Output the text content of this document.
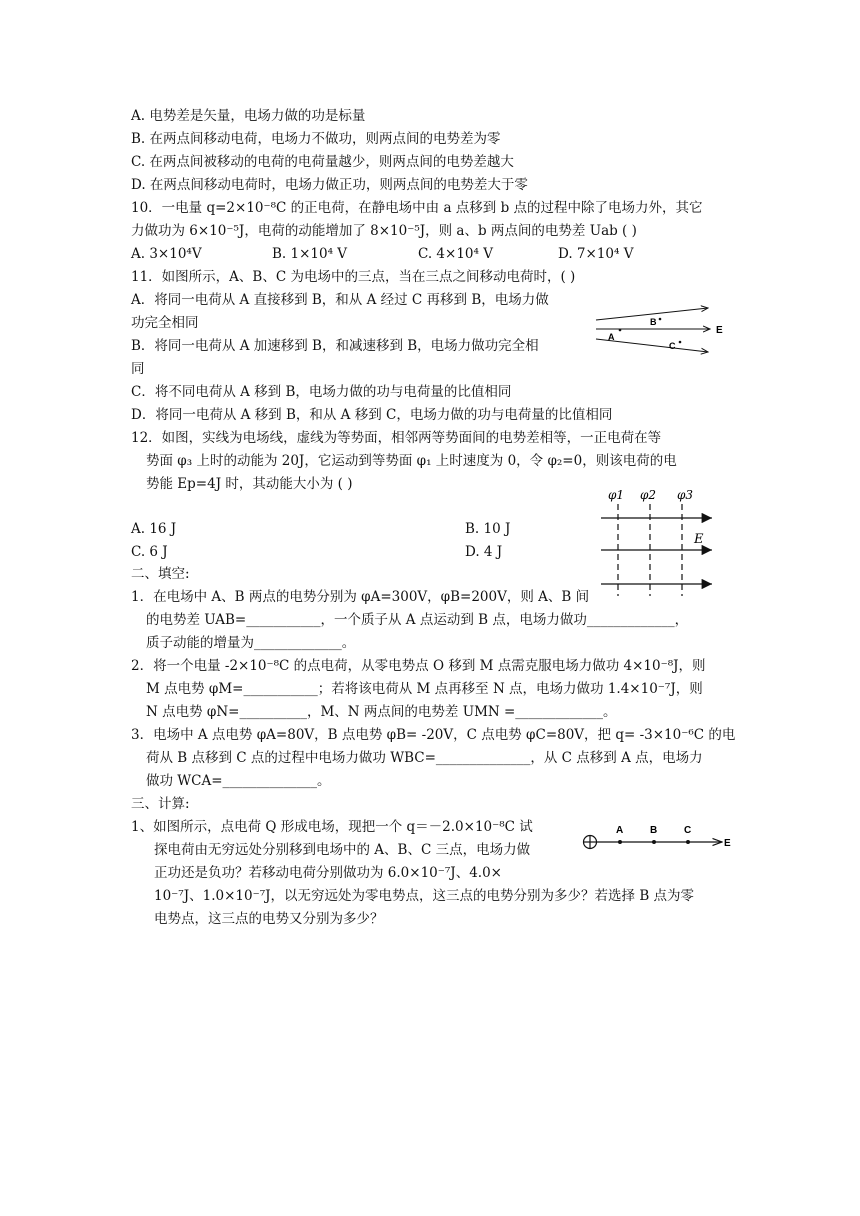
A. 电势差是矢量，电场力做的功是标量
B. 在两点间移动电荷，电场力不做功，则两点间的电势差为零
C. 在两点间被移动的电荷的电荷量越少，则两点间的电势差越大
D. 在两点间移动电荷时，电场力做正功，则两点间的电势差大于零
10．一电量 q=2×10⁻⁸C 的正电荷，在静电场中由 a 点移到 b 点的过程中除了电场力外，其它
力做功为 6×10⁻⁵J，电荷的动能增加了 8×10⁻⁵J，则 a、b 两点间的电势差 Uab ( )
A. 3×10⁴V	B. 1×10⁴ V	C. 4×10⁴ V	D. 7×10⁴ V
11．如图所示，A、B、C 为电场中的三点，当在三点之间移动电荷时，( )
A．将同一电荷从 A 直接移到 B，和从 A 经过 C 再移到 B，电场力做
功完全相同
B．将同一电荷从 A 加速移到 B，和减速移到 B，电场力做功完全相
同
C．将不同电荷从 A 移到 B，电场力做的功与电荷量的比值相同
D．将同一电荷从 A 移到 B，和从 A 移到 C，电场力做的功与电荷量的比值相同
A
B
C
E
12．如图，实线为电场线，虚线为等势面，相邻两等势面间的电势差相等，一正电荷在等
势面 φ₃ 上时的动能为 20J，它运动到等势面 φ₁ 上时速度为 0，令 φ₂=0，则该电荷的电
势能 Ep=4J 时，其动能大小为 ( )
A. 16 J	B. 10 J
C. 6 J	D. 4 J
φ1 φ2 φ3
E
二、填空:
1．在电场中 A、B 两点的电势分别为 φA=300V，φB=200V，则 A、B 间
的电势差 UAB=___________，一个质子从 A 点运动到 B 点，电场力做功_____________，
质子动能的增量为_____________。
2．将一个电量 -2×10⁻⁸C 的点电荷，从零电势点 O 移到 M 点需克服电场力做功 4×10⁻⁸J，则
M 点电势 φM=___________；若将该电荷从 M 点再移至 N 点，电场力做功 1.4×10⁻⁷J，则
N 点电势 φN=__________，M、N 两点间的电势差 UMN =_____________。
3．电场中 A 点电势 φA=80V，B 点电势 φB= -20V，C 点电势 φC=80V，把 q= -3×10⁻⁶C 的电
荷从 B 点移到 C 点的过程中电场力做功 WBC=______________，从 C 点移到 A 点，电场力
做功 WCA=______________。
三、计算:
1、如图所示，点电荷 Q 形成电场，现把一个 q＝－2.0×10⁻⁸C 试
探电荷由无穷远处分别移到电场中的 A、B、C 三点，电场力做
正功还是负功？若移动电荷分别做功为 6.0×10⁻⁷J、4.0×
10⁻⁷J、1.0×10⁻⁷J，以无穷远处为零电势点，这三点的电势分别为多少？若选择 B 点为零
电势点，这三点的电势又分别为多少？
A	B	C
E
